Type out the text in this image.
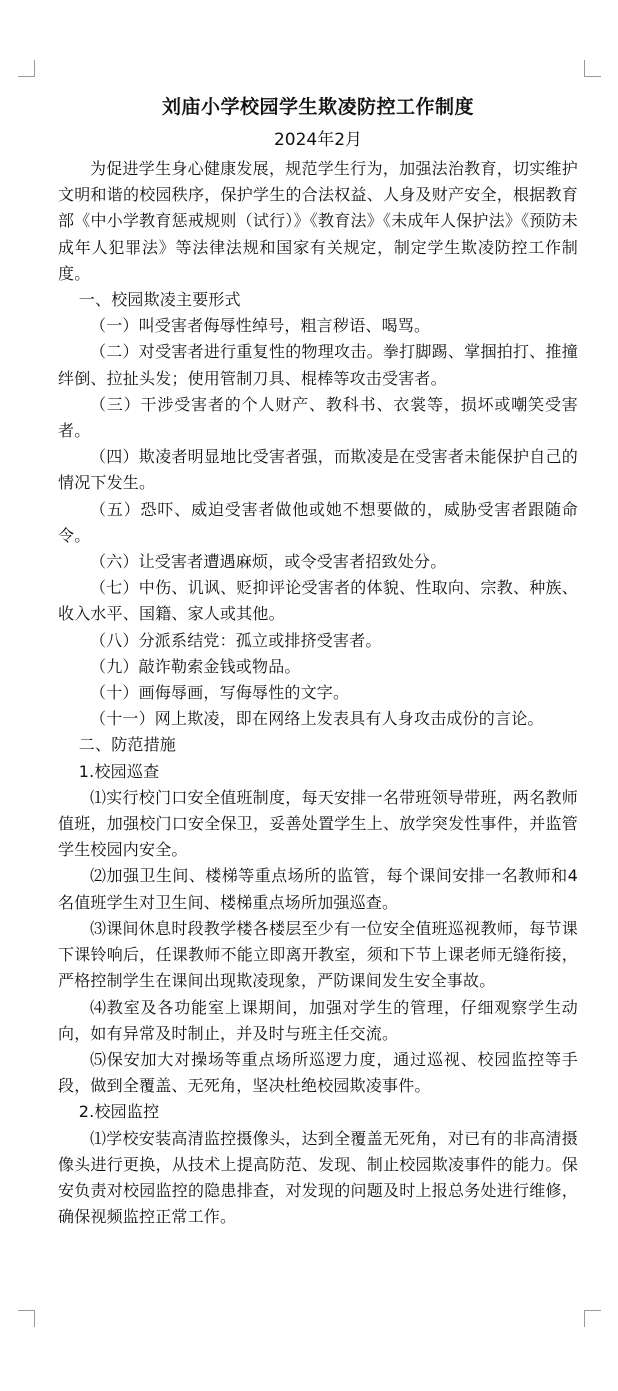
刘庙小学校园学生欺凌防控工作制度

2024年2月

为促进学生身心健康发展，规范学生行为，加强法治教育，切实维护文明和谐的校园秩序，保护学生的合法权益、人身及财产安全，根据教育部《中小学教育惩戒规则（试行）》《教育法》《未成年人保护法》《预防未成年人犯罪法》等法律法规和国家有关规定，制定学生欺凌防控工作制度。

一、校园欺凌主要形式

（一）叫受害者侮辱性绰号，粗言秽语、喝骂。

（二）对受害者进行重复性的物理攻击。拳打脚踢、掌掴拍打、推撞绊倒、拉扯头发；使用管制刀具、棍棒等攻击受害者。

（三）干涉受害者的个人财产、教科书、衣裳等，损坏或嘲笑受害者。

（四）欺凌者明显地比受害者强，而欺凌是在受害者未能保护自己的情况下发生。

（五）恐吓、威迫受害者做他或她不想要做的，威胁受害者跟随命令。

（六）让受害者遭遇麻烦，或令受害者招致处分。

（七）中伤、讥讽、贬抑评论受害者的体貌、性取向、宗教、种族、收入水平、国籍、家人或其他。

（八）分派系结党：孤立或排挤受害者。

（九）敲诈勒索金钱或物品。

（十）画侮辱画，写侮辱性的文字。

（十一）网上欺凌，即在网络上发表具有人身攻击成份的言论。

二、防范措施

1.校园巡查

⑴实行校门口安全值班制度，每天安排一名带班领导带班，两名教师值班，加强校门口安全保卫，妥善处置学生上、放学突发性事件，并监管学生校园内安全。

⑵加强卫生间、楼梯等重点场所的监管，每个课间安排一名教师和4名值班学生对卫生间、楼梯重点场所加强巡查。

⑶课间休息时段教学楼各楼层至少有一位安全值班巡视教师，每节课下课铃响后，任课教师不能立即离开教室，须和下节上课老师无缝衔接，严格控制学生在课间出现欺凌现象，严防课间发生安全事故。

⑷教室及各功能室上课期间，加强对学生的管理，仔细观察学生动向，如有异常及时制止，并及时与班主任交流。

⑸保安加大对操场等重点场所巡逻力度，通过巡视、校园监控等手段，做到全覆盖、无死角，坚决杜绝校园欺凌事件。

2.校园监控

⑴学校安装高清监控摄像头，达到全覆盖无死角，对已有的非高清摄像头进行更换，从技术上提高防范、发现、制止校园欺凌事件的能力。保安负责对校园监控的隐患排查，对发现的问题及时上报总务处进行维修，确保视频监控正常工作。
